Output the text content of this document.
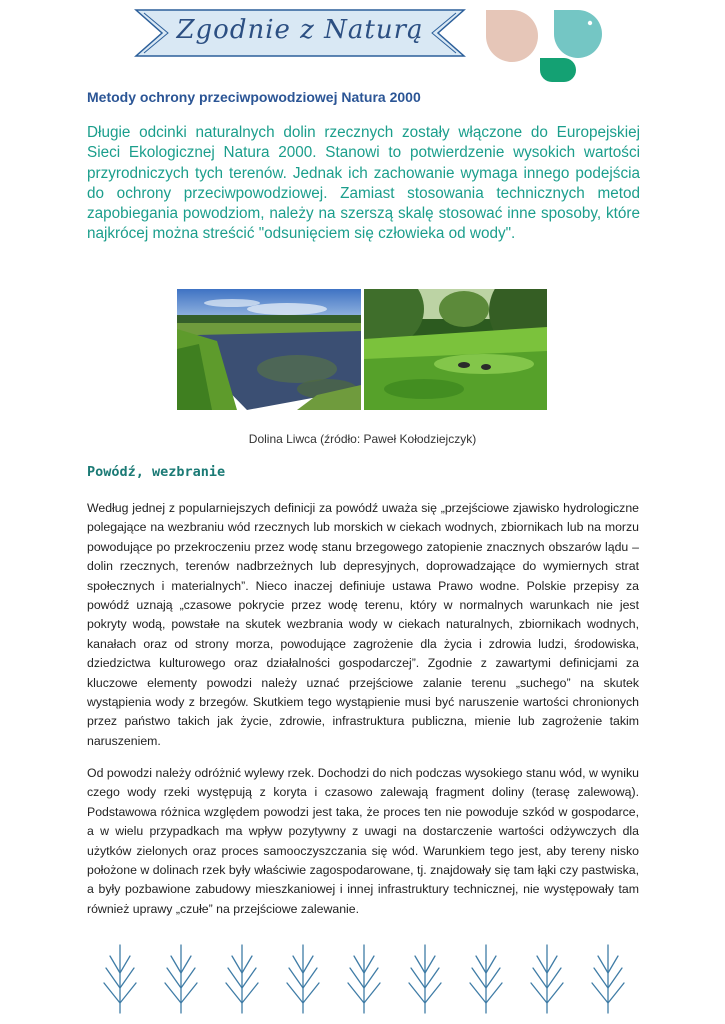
Zgodnie z Naturą
Metody ochrony przeciwpowodziowej Natura 2000

Długie odcinki naturalnych dolin rzecznych zostały włączone do Europejskiej Sieci Ekologicznej Natura 2000. Stanowi to potwierdzenie wysokich wartości przyrodniczych tych terenów. Jednak ich zachowanie wymaga innego podejścia do ochrony przeciwpowodziowej. Zamiast stosowania technicznych metod zapobiegania powodziom, należy na szerszą skalę stosować inne sposoby, które najkrócej można streścić "odsunięciem się człowieka od wody".

Dolina Liwca (źródło: Paweł Kołodziejczyk)

Powódź, wezbranie

Według jednej z popularniejszych definicji za powódź uważa się „przejściowe zjawisko hydrologiczne polegające na wezbraniu wód rzecznych lub morskich w ciekach wodnych, zbiornikach lub na morzu powodujące po przekroczeniu przez wodę stanu brzegowego zatopienie znacznych obszarów lądu – dolin rzecznych, terenów nadbrzeżnych lub depresyjnych, doprowadzające do wymiernych strat społecznych i materialnych”. Nieco inaczej definiuje ustawa Prawo wodne. Polskie przepisy za powódź uznają „czasowe pokrycie przez wodę terenu, który w normalnych warunkach nie jest pokryty wodą, powstałe na skutek wezbrania wody w ciekach naturalnych, zbiornikach wodnych, kanałach oraz od strony morza, powodujące zagrożenie dla życia i zdrowia ludzi, środowiska, dziedzictwa kulturowego oraz działalności gospodarczej”. Zgodnie z zawartymi definicjami za kluczowe elementy powodzi należy uznać przejściowe zalanie terenu „suchego” na skutek wystąpienia wody z brzegów. Skutkiem tego wystąpienie musi być naruszenie wartości chronionych przez państwo takich jak życie, zdrowie, infrastruktura publiczna, mienie lub zagrożenie takim naruszeniem.

Od powodzi należy odróżnić wylewy rzek. Dochodzi do nich podczas wysokiego stanu wód, w wyniku czego wody rzeki występują z koryta i czasowo zalewają fragment doliny (terasę zalewową). Podstawowa różnica względem powodzi jest taka, że proces ten nie powoduje szkód w gospodarce, a w wielu przypadkach ma wpływ pozytywny z uwagi na dostarczenie wartości odżywczych dla użytków zielonych oraz proces samooczyszczania się wód. Warunkiem tego jest, aby tereny nisko położone w dolinach rzek były właściwie zagospodarowane, tj. znajdowały się tam łąki czy pastwiska, a były pozbawione zabudowy mieszkaniowej i innej infrastruktury technicznej, nie występowały tam również uprawy „czułe” na przejściowe zalewanie.
